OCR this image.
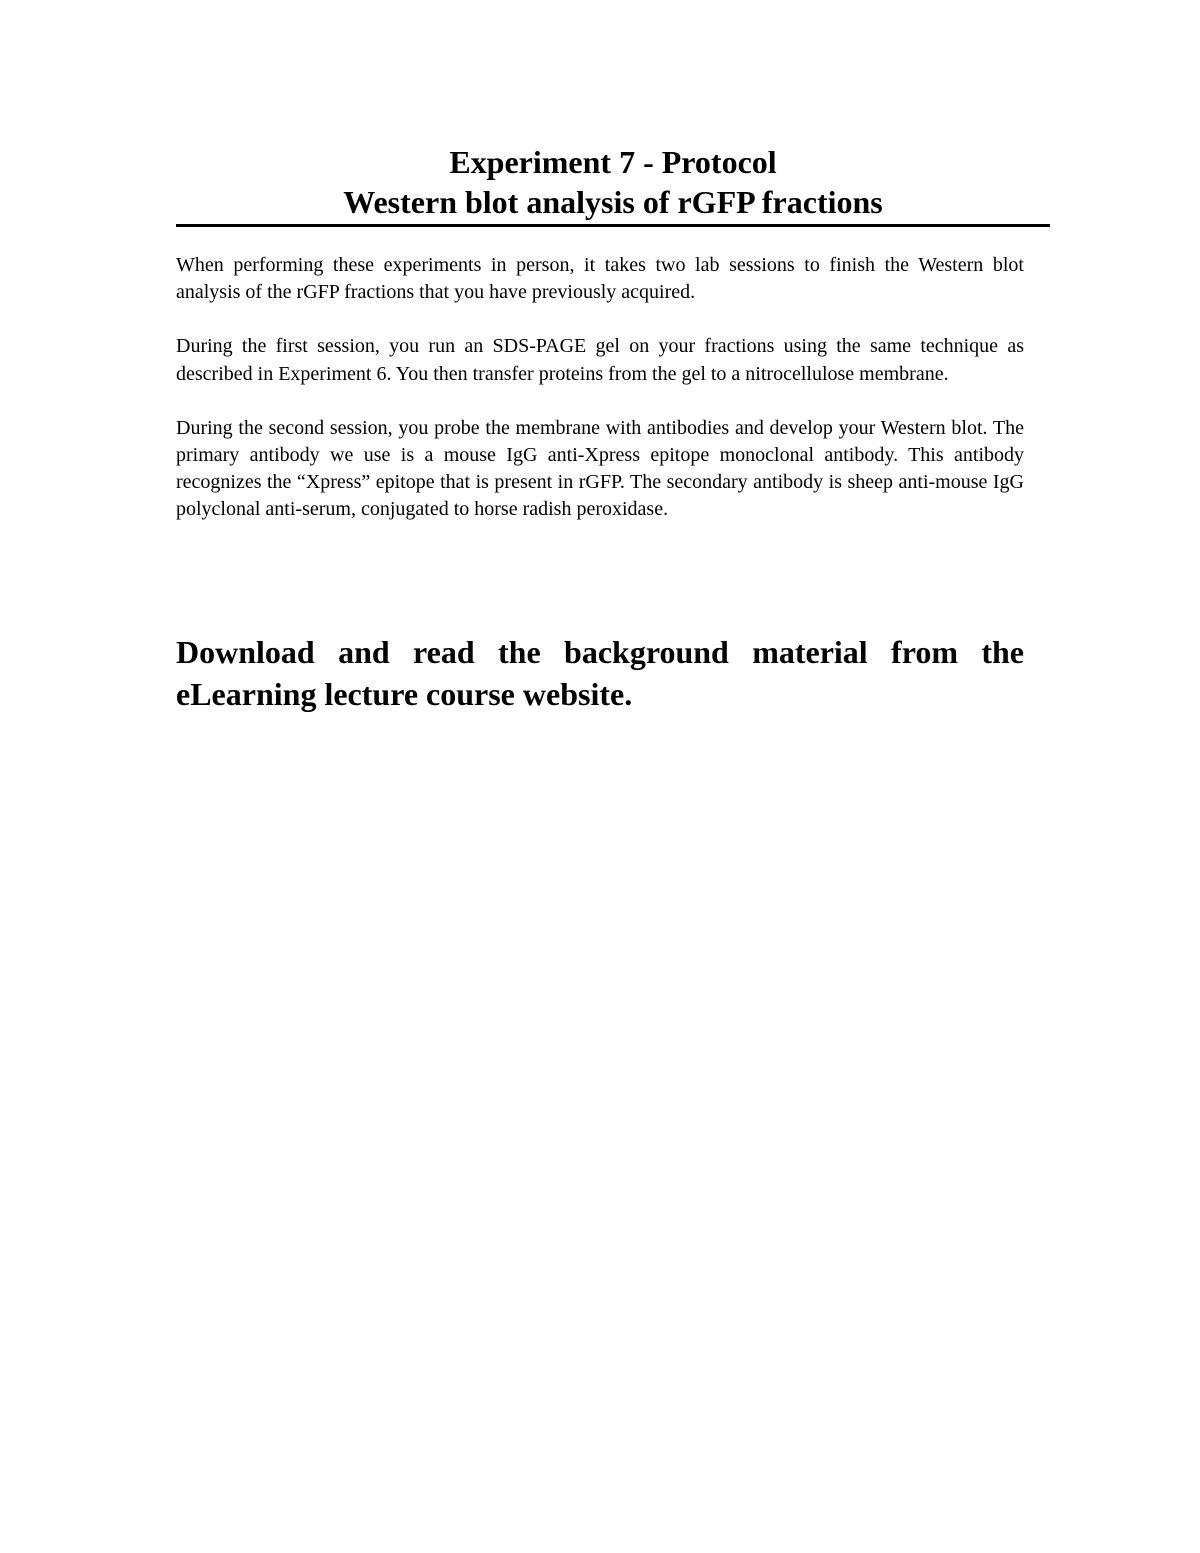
Experiment 7 - Protocol

Western blot analysis of rGFP fractions

When performing these experiments in person, it takes two lab sessions to finish the Western blot analysis of the rGFP fractions that you have previously acquired.

During the first session, you run an SDS-PAGE gel on your fractions using the same technique as described in Experiment 6. You then transfer proteins from the gel to a nitrocellulose membrane.

During the second session, you probe the membrane with antibodies and develop your Western blot. The primary antibody we use is a mouse IgG anti-Xpress epitope monoclonal antibody. This antibody recognizes the “Xpress” epitope that is present in rGFP. The secondary antibody is sheep anti-mouse IgG polyclonal anti-serum, conjugated to horse radish peroxidase.

Download and read the background material from the eLearning lecture course website.
